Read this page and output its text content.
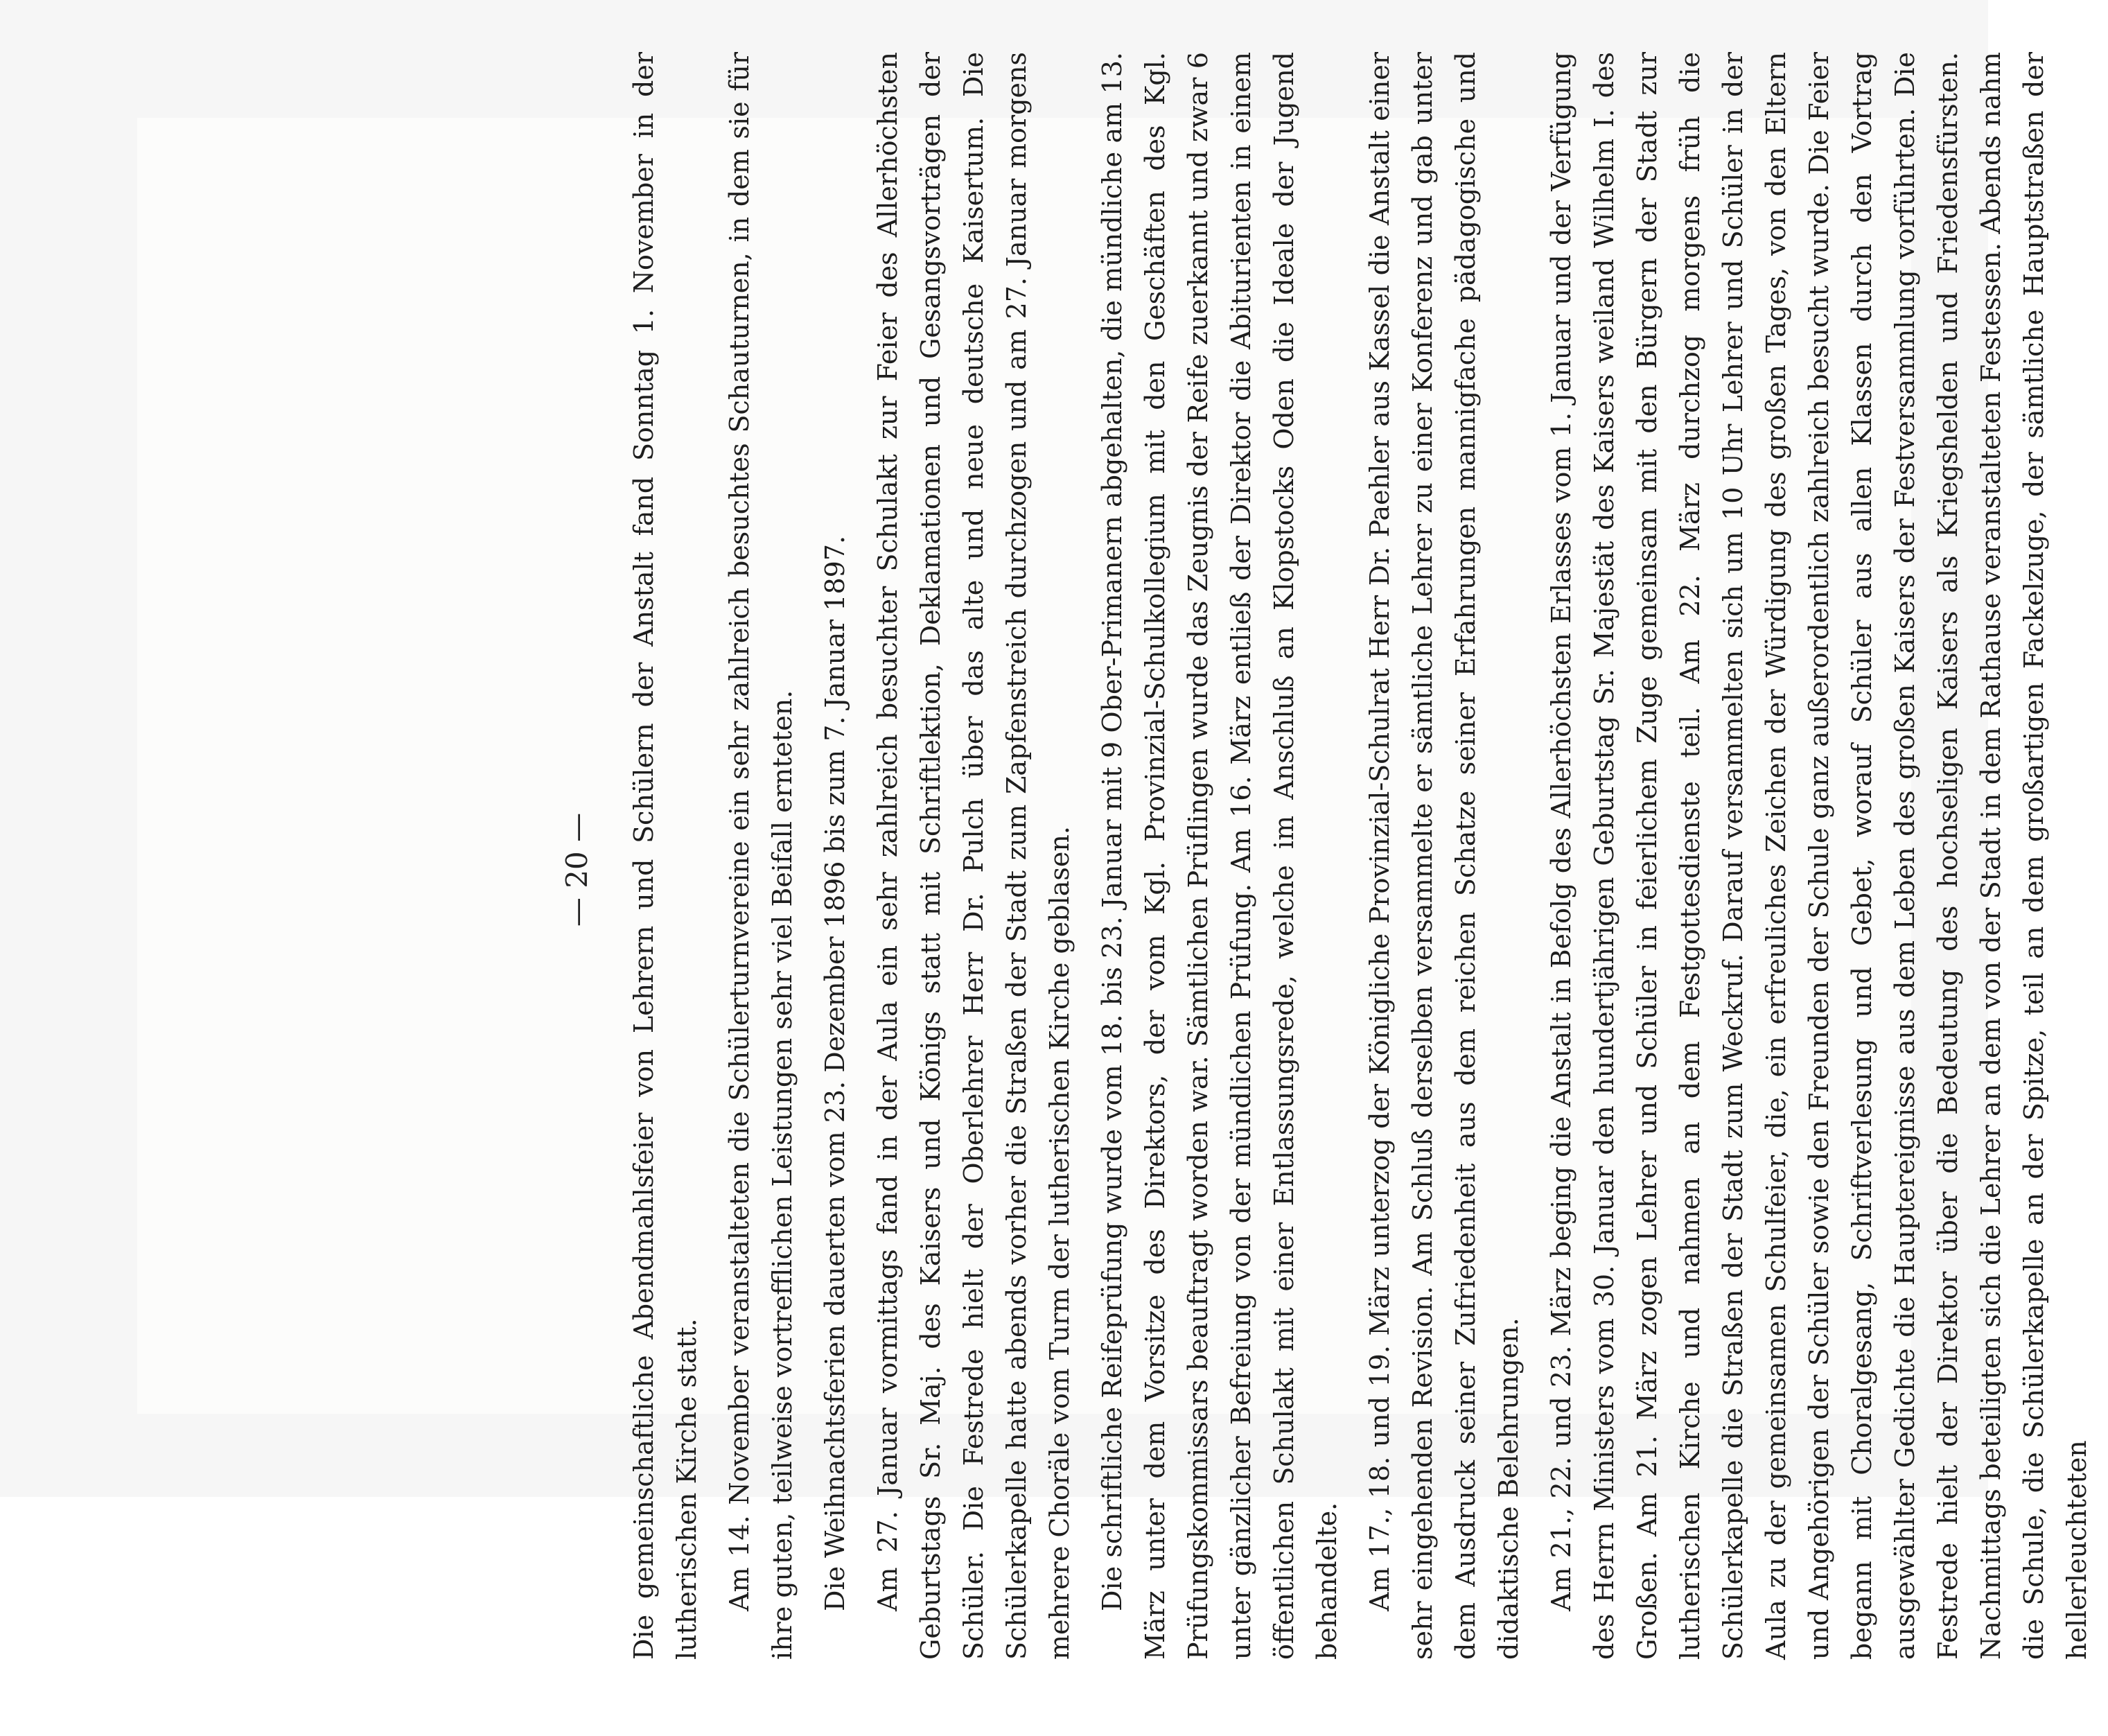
— 20 — Die gemeinschaftliche Abendmahlsfeier von Lehrern und Schülern der Anstalt fand Sonntag 1. November in der lutherischen Kirche statt. Am 14. November veranstalteten die Schülerturnvereine ein sehr zahlreich besuchtes Schauturnen, in dem sie für ihre guten, teilweise vortrefflichen Leistungen sehr viel Beifall ernteten. Die Weihnachtsferien dauerten vom 23. Dezember 1896 bis zum 7. Januar 1897. Am 27. Januar vormittags fand in der Aula ein sehr zahlreich besuchter Schulakt zur Feier des Allerhöchsten Geburtstags Sr. Maj. des Kaisers und Königs statt mit Schriftlektion, Deklamationen und Gesangsvorträgen der Schüler. Die Festrede hielt der Oberlehrer Herr Dr. Pulch über das alte und neue deutsche Kaisertum. Die Schülerkapelle hatte abends vorher die Straßen der Stadt zum Zapfenstreich durchzogen und am 27. Januar morgens mehrere Choräle vom Turm der lutherischen Kirche geblasen. Die schriftliche Reifeprüfung wurde vom 18. bis 23. Januar mit 9 Ober-Primanern abgehalten, die mündliche am 13. März unter dem Vorsitze des Direktors, der vom Kgl. Provinzial-Schulkollegium mit den Geschäften des Kgl. Prüfungskommissars beauftragt worden war. Sämtlichen Prüflingen wurde das Zeugnis der Reife zuerkannt und zwar 6 unter gänzlicher Befreiung von der mündlichen Prüfung. Am 16. März entließ der Direktor die Abiturienten in einem öffentlichen Schulakt mit einer Entlassungsrede, welche im Anschluß an Klopstocks Oden die Ideale der Jugend behandelte. Am 17., 18. und 19. März unterzog der Königliche Provinzial-Schulrat Herr Dr. Paehler aus Kassel die Anstalt einer sehr eingehenden Revision. Am Schluß derselben versammelte er sämtliche Lehrer zu einer Konferenz und gab unter dem Ausdruck seiner Zufriedenheit aus dem reichen Schatze seiner Erfahrungen mannigfache pädagogische und didaktische Belehrungen. Am 21., 22. und 23. März beging die Anstalt in Befolg des Allerhöchsten Erlasses vom 1. Januar und der Verfügung des Herrn Ministers vom 30. Januar den hundertjährigen Geburtstag Sr. Majestät des Kaisers weiland Wilhelm I. des Großen. Am 21. März zogen Lehrer und Schüler in feierlichem Zuge gemeinsam mit den Bürgern der Stadt zur lutherischen Kirche und nahmen an dem Festgottesdienste teil. Am 22. März durchzog morgens früh die Schülerkapelle die Straßen der Stadt zum Weckruf. Darauf versammelten sich um 10 Uhr Lehrer und Schüler in der Aula zu der gemeinsamen Schulfeier, die, ein erfreuliches Zeichen der Würdigung des großen Tages, von den Eltern und Angehörigen der Schüler sowie den Freunden der Schule ganz außerordentlich zahlreich besucht wurde. Die Feier begann mit Choralgesang, Schriftverlesung und Gebet, worauf Schüler aus allen Klassen durch den Vortrag ausgewählter Gedichte die Hauptereignisse aus dem Leben des großen Kaisers der Festversammlung vorführten. Die Festrede hielt der Direktor über die Bedeutung des hochseligen Kaisers als Kriegshelden und Friedensfürsten. Nachmittags beteiligten sich die Lehrer an dem von der Stadt in dem Rathause veranstalteten Festessen. Abends nahm die Schule, die Schülerkapelle an der Spitze, teil an dem großartigen Fackelzuge, der sämtliche Hauptstraßen der hellerleuchteten
